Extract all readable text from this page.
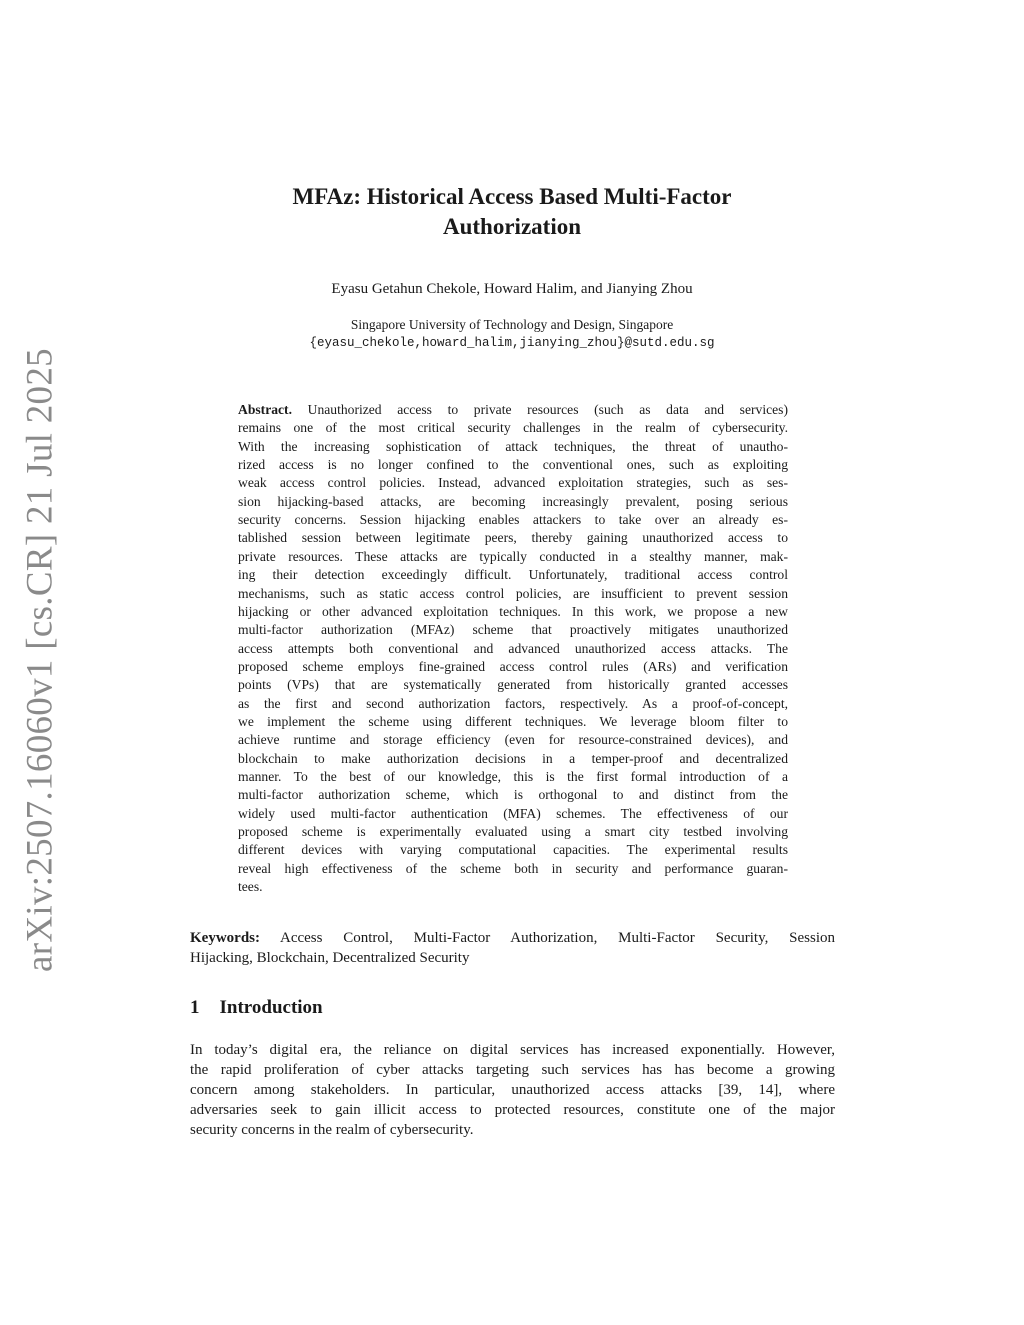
arXiv:2507.16060v1 [cs.CR] 21 Jul 2025
MFAz: Historical Access Based Multi-Factor
Authorization
Eyasu Getahun Chekole, Howard Halim, and Jianying Zhou
Singapore University of Technology and Design, Singapore
{eyasu_chekole,howard_halim,jianying_zhou}@sutd.edu.sg
Abstract. Unauthorized access to private resources (such as data and services)
remains one of the most critical security challenges in the realm of cybersecurity.
With the increasing sophistication of attack techniques, the threat of unautho-
rized access is no longer confined to the conventional ones, such as exploiting
weak access control policies. Instead, advanced exploitation strategies, such as ses-
sion hijacking-based attacks, are becoming increasingly prevalent, posing serious
security concerns. Session hijacking enables attackers to take over an already es-
tablished session between legitimate peers, thereby gaining unauthorized access to
private resources. These attacks are typically conducted in a stealthy manner, mak-
ing their detection exceedingly difficult. Unfortunately, traditional access control
mechanisms, such as static access control policies, are insufficient to prevent session
hijacking or other advanced exploitation techniques. In this work, we propose a new
multi-factor authorization (MFAz) scheme that proactively mitigates unauthorized
access attempts both conventional and advanced unauthorized access attacks. The
proposed scheme employs fine-grained access control rules (ARs) and verification
points (VPs) that are systematically generated from historically granted accesses
as the first and second authorization factors, respectively. As a proof-of-concept,
we implement the scheme using different techniques. We leverage bloom filter to
achieve runtime and storage efficiency (even for resource-constrained devices), and
blockchain to make authorization decisions in a temper-proof and decentralized
manner. To the best of our knowledge, this is the first formal introduction of a
multi-factor authorization scheme, which is orthogonal to and distinct from the
widely used multi-factor authentication (MFA) schemes. The effectiveness of our
proposed scheme is experimentally evaluated using a smart city testbed involving
different devices with varying computational capacities. The experimental results
reveal high effectiveness of the scheme both in security and performance guaran-
tees.
Keywords: Access Control, Multi-Factor Authorization, Multi-Factor Security, Session
Hijacking, Blockchain, Decentralized Security
1 Introduction
In today’s digital era, the reliance on digital services has increased exponentially. However,
the rapid proliferation of cyber attacks targeting such services has has become a growing
concern among stakeholders. In particular, unauthorized access attacks [39, 14], where
adversaries seek to gain illicit access to protected resources, constitute one of the major
security concerns in the realm of cybersecurity.
